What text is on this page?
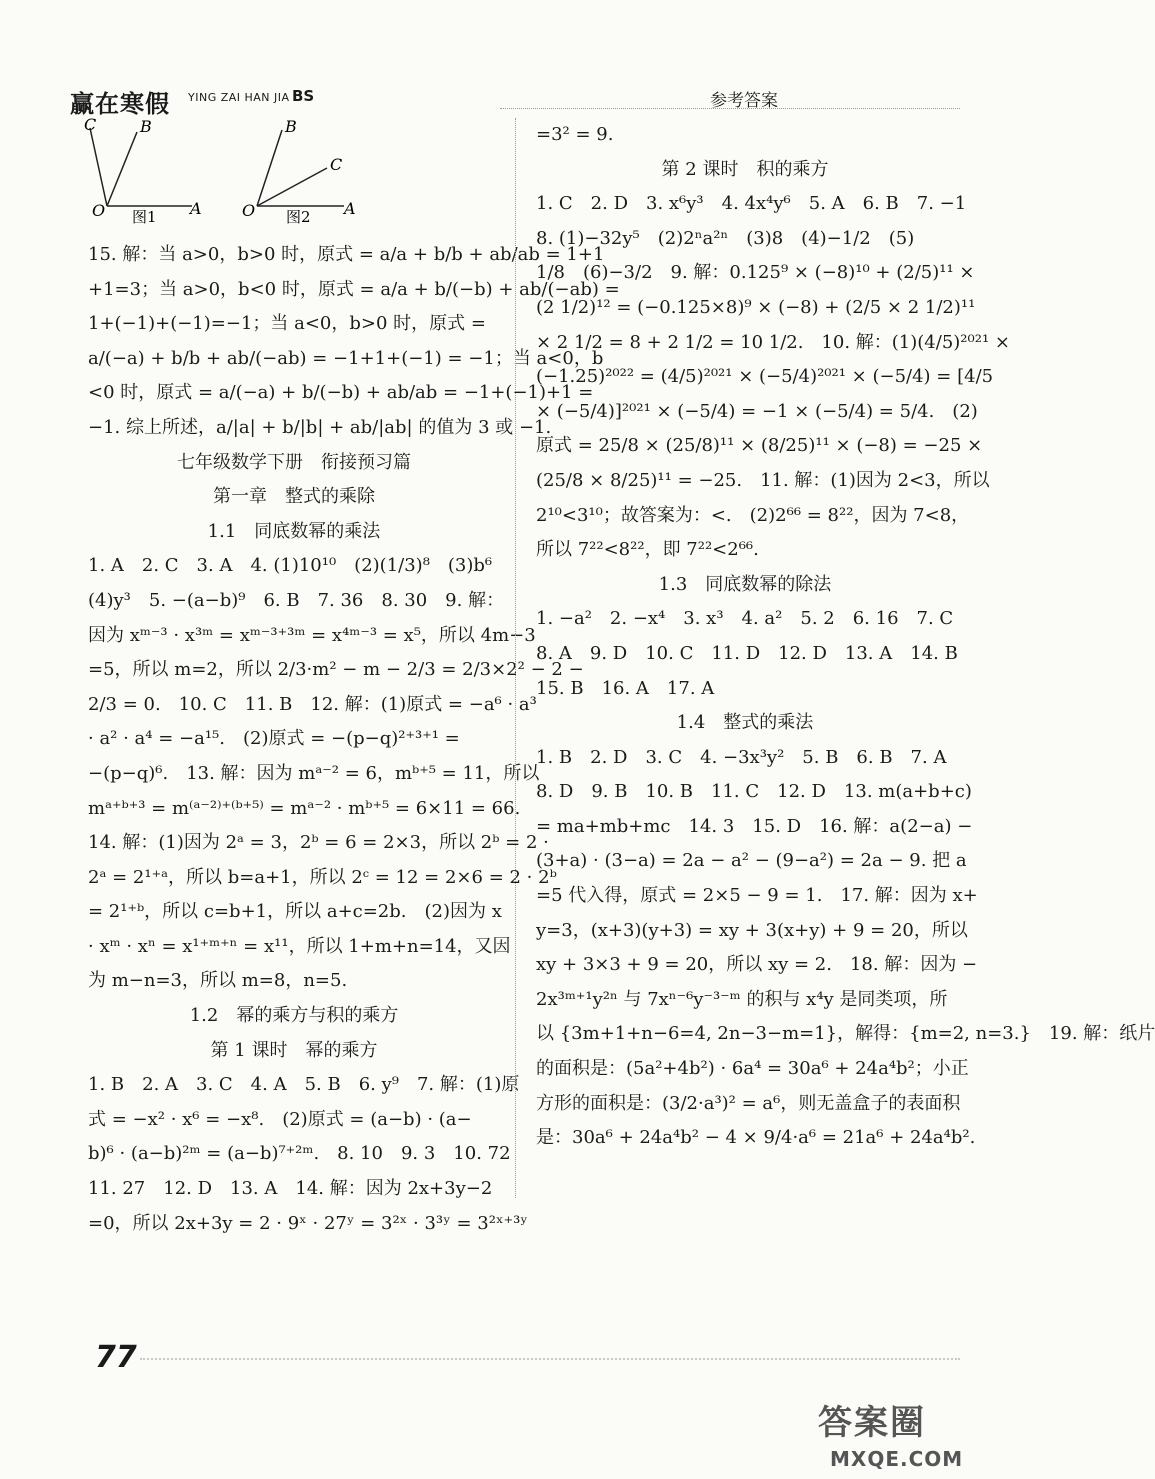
赢在寒假 YING ZAI HAN JIA BS	参考答案
C	B
O	A
图1
B
C
O	A
图2
15. 解：当 a>0，b>0 时，原式 = a/a + b/b + ab/ab = 1+1
+1=3；当 a>0，b<0 时，原式 = a/a + b/(−b) + ab/(−ab) =
1+(−1)+(−1)=−1；当 a<0，b>0 时，原式 =
a/(−a) + b/b + ab/(−ab) = −1+1+(−1) = −1；当 a<0，b
<0 时，原式 = a/(−a) + b/(−b) + ab/ab = −1+(−1)+1 =
−1. 综上所述，a/|a| + b/|b| + ab/|ab| 的值为 3 或 −1.
七年级数学下册　衔接预习篇
第一章　整式的乘除
1.1　同底数幂的乘法
1. A　2. C　3. A　4. (1)10¹⁰　(2)(1/3)⁸　(3)b⁶
(4)y³　5. −(a−b)⁹　6. B　7. 36　8. 30　9. 解：
因为 xᵐ⁻³ · x³ᵐ = xᵐ⁻³⁺³ᵐ = x⁴ᵐ⁻³ = x⁵，所以 4m−3
=5，所以 m=2，所以 2/3·m² − m − 2/3 = 2/3×2² − 2 −
2/3 = 0.　10. C　11. B　12. 解：(1)原式 = −a⁶ · a³
· a² · a⁴ = −a¹⁵.　(2)原式 = −(p−q)²⁺³⁺¹ =
−(p−q)⁶.　13. 解：因为 mᵃ⁻² = 6，mᵇ⁺⁵ = 11，所以
mᵃ⁺ᵇ⁺³ = m⁽ᵃ⁻²⁾⁺⁽ᵇ⁺⁵⁾ = mᵃ⁻² · mᵇ⁺⁵ = 6×11 = 66.
14. 解：(1)因为 2ᵃ = 3，2ᵇ = 6 = 2×3，所以 2ᵇ = 2 ·
2ᵃ = 2¹⁺ᵃ，所以 b=a+1，所以 2ᶜ = 12 = 2×6 = 2 · 2ᵇ
= 2¹⁺ᵇ，所以 c=b+1，所以 a+c=2b.　(2)因为 x
· xᵐ · xⁿ = x¹⁺ᵐ⁺ⁿ = x¹¹，所以 1+m+n=14，又因
为 m−n=3，所以 m=8，n=5.
1.2　幂的乘方与积的乘方
第 1 课时　幂的乘方
1. B　2. A　3. C　4. A　5. B　6. y⁹　7. 解：(1)原
式 = −x² · x⁶ = −x⁸.　(2)原式 = (a−b) · (a−
b)⁶ · (a−b)²ᵐ = (a−b)⁷⁺²ᵐ.　8. 10　9. 3　10. 72
11. 27　12. D　13. A　14. 解：因为 2x+3y−2
=0，所以 2x+3y = 2 · 9ˣ · 27ʸ = 3²ˣ · 3³ʸ = 3²ˣ⁺³ʸ
=3² = 9.
第 2 课时　积的乘方
1. C　2. D　3. x⁶y³　4. 4x⁴y⁶　5. A　6. B　7. −1
8. (1)−32y⁵　(2)2ⁿa²ⁿ　(3)8　(4)−1/2　(5)
1/8　(6)−3/2　9. 解：0.125⁹ × (−8)¹⁰ + (2/5)¹¹ ×
(2 1/2)¹² = (−0.125×8)⁹ × (−8) + (2/5 × 2 1/2)¹¹
× 2 1/2 = 8 + 2 1/2 = 10 1/2.　10. 解：(1)(4/5)²⁰²¹ ×
(−1.25)²⁰²² = (4/5)²⁰²¹ × (−5/4)²⁰²¹ × (−5/4) = [4/5
× (−5/4)]²⁰²¹ × (−5/4) = −1 × (−5/4) = 5/4.　(2)
原式 = 25/8 × (25/8)¹¹ × (8/25)¹¹ × (−8) = −25 ×
(25/8 × 8/25)¹¹ = −25.　11. 解：(1)因为 2<3，所以
2¹⁰<3¹⁰；故答案为：<.　(2)2⁶⁶ = 8²²，因为 7<8，
所以 7²²<8²²，即 7²²<2⁶⁶.
1.3　同底数幂的除法
1. −a²　2. −x⁴　3. x³　4. a²　5. 2　6. 16　7. C
8. A　9. D　10. C　11. D　12. D　13. A　14. B
15. B　16. A　17. A
1.4　整式的乘法
1. B　2. D　3. C　4. −3x³y²　5. B　6. B　7. A
8. D　9. B　10. B　11. C　12. D　13. m(a+b+c)
= ma+mb+mc　14. 3　15. D　16. 解：a(2−a) −
(3+a) · (3−a) = 2a − a² − (9−a²) = 2a − 9. 把 a
=5 代入得，原式 = 2×5 − 9 = 1.　17. 解：因为 x+
y=3，(x+3)(y+3) = xy + 3(x+y) + 9 = 20，所以
xy + 3×3 + 9 = 20，所以 xy = 2.　18. 解：因为 −
2x³ᵐ⁺¹y²ⁿ 与 7xⁿ⁻⁶y⁻³⁻ᵐ 的积与 x⁴y 是同类项，所
以 {3m+1+n−6=4, 2n−3−m=1}，解得：{m=2, n=3.}　19. 解：纸片
的面积是：(5a²+4b²) · 6a⁴ = 30a⁶ + 24a⁴b²；小正
方形的面积是：(3/2·a³)² = a⁶，则无盖盒子的表面积
是：30a⁶ + 24a⁴b² − 4 × 9/4·a⁶ = 21a⁶ + 24a⁴b².
77
答案圈
MXQE.COM
